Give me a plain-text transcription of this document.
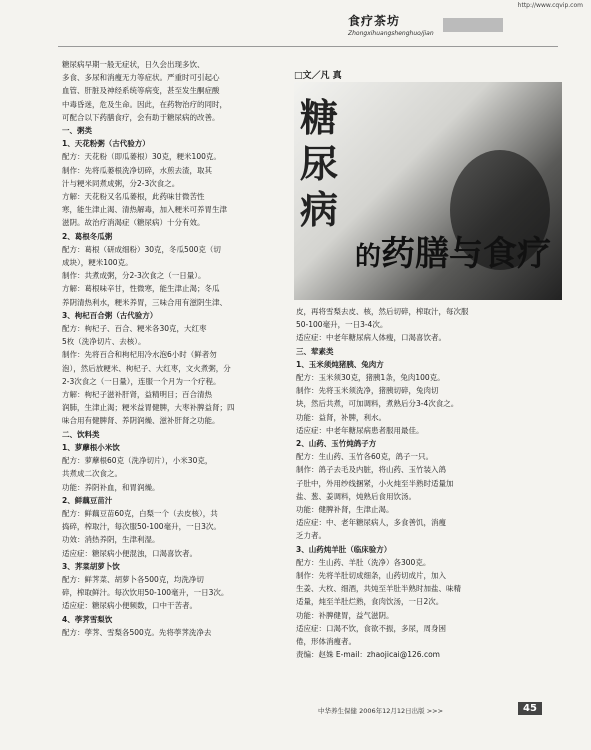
http://www.cqvip.com
食疗茶坊
Zhongxihuangshenghuo/jian
糖尿病早期一般无症状，日久会出现多饮、
多食、多尿和消瘦无力等症状。严重时可引起心
血管、肝脏及神经系统等病变，甚至发生酮症酸
中毒昏迷，危及生命。因此，在药物治疗的同时，
可配合以下药膳食疗，会有助于糖尿病的改善。
一、粥类
1、天花粉粥（古代验方）
配方：天花粉（即瓜蒌根）30克，粳米100克。
制作：先将瓜蒌根洗净切碎，水煎去渣，取其
汁与粳米同煮成粥，分2-3次食之。
方解：天花粉又名瓜蒌根，此药味甘微苦性
寒，能生津止渴、清热解毒，加入粳米可养胃生津
滋阴。故治疗消渴症（糖尿病）十分有效。
2、葛根冬瓜粥
配方：葛根（研成细粉）30克，冬瓜500克（切
成块），粳米100克。
制作：共煮成粥，分2-3次食之（一日量）。
方解：葛根味辛甘，性微寒，能生津止渴；冬瓜
养阴清热利水，粳米养胃，三味合用有滋阴生津、
3、枸杞百合粥（古代验方）
配方：枸杞子、百合、粳米各30克，大红枣
5枚（洗净切片、去核）。
制作：先将百合和枸杞用冷水泡6小时（鲜者勿
泡），然后放粳米、枸杞子、大红枣，文火煮粥，分
2-3次食之（一日量），连服一个月为一个疗程。
方解：枸杞子滋补肝肾，益精明目；百合清热
润肺，生津止渴；粳米益胃健脾，大枣补脾益肾；四
味合用有健脾肾、养阴润燥、滋补肝肾之功能。
二、饮料类
1、萝藦根小米饮
配方：萝藦根60克（洗净切片），小米30克，
共煮成二次食之。
功能：养阴补血，和胃润燥。
2、鲜藕豆苗汁
配方：鲜藕豆苗60克，白梨一个（去皮核），共
捣碎，榨取汁，每次服50-100毫升，一日3次。
功效：消热养阴，生津利湿。
适应症：糖尿病小便混浊，口渴喜饮者。
3、荠菜胡萝卜饮
配方：鲜荠菜、胡萝卜各500克，均洗净切
碎，榨取鲜汁。每次饮用50-100毫升，一日3次。
适应症：糖尿病小便频数，口中干苦者。
4、荸荠雪梨饮
配方：荸荠、雪梨各500克。先将荸荠洗净去
□文／凡 真
糖
尿
病
的药膳与食疗
皮，再将雪梨去皮、核，然后切碎，榨取汁，每次服
50-100毫升，一日3-4次。
适应症：中老年糖尿病人体瘦，口渴喜饮者。
三、荤素类
1、玉米须炖猪胰、兔肉方
配方：玉米须30克，猪胰1条，兔肉100克。
制作：先将玉米须洗净，猪胰切碎，兔肉切
块，然后共煮，可加调料，煮熟后分3-4次食之。
功能：益肾，补脾，利水。
适应症：中老年糖尿病患者服用最佳。
2、山药、玉竹炖鸽子方
配方：生山药、玉竹各60克，鸽子一只。
制作：鸽子去毛及内脏，将山药、玉竹装入鸽
子肚中，外用纱线捆紧，小火炖至半熟时适量加
盐、葱、姜调料，炖熟后食用饮汤。
功能：健脾补肾，生津止渴。
适应症：中、老年糖尿病人，多食善饥，消瘦
乏力者。
3、山药炖羊肚（临床验方）
配方：生山药、羊肚（洗净）各300克。
制作：先将羊肚切成细条，山药切成片，加入
生姜、大枚、细酒，共炖至羊肚半熟时加盐、味精
适量，炖至羊肚烂熟，食肉饮汤，一日2次。
功能：补脾健胃，益气滋阴。
适应症：口渴不饮，食欲不振，多尿，周身困
倦，形体消瘦者。
责编：赵姝 E-mail：zhaojicai@126.com
中华养生保健 2006年12月12日出版 >>>	45
